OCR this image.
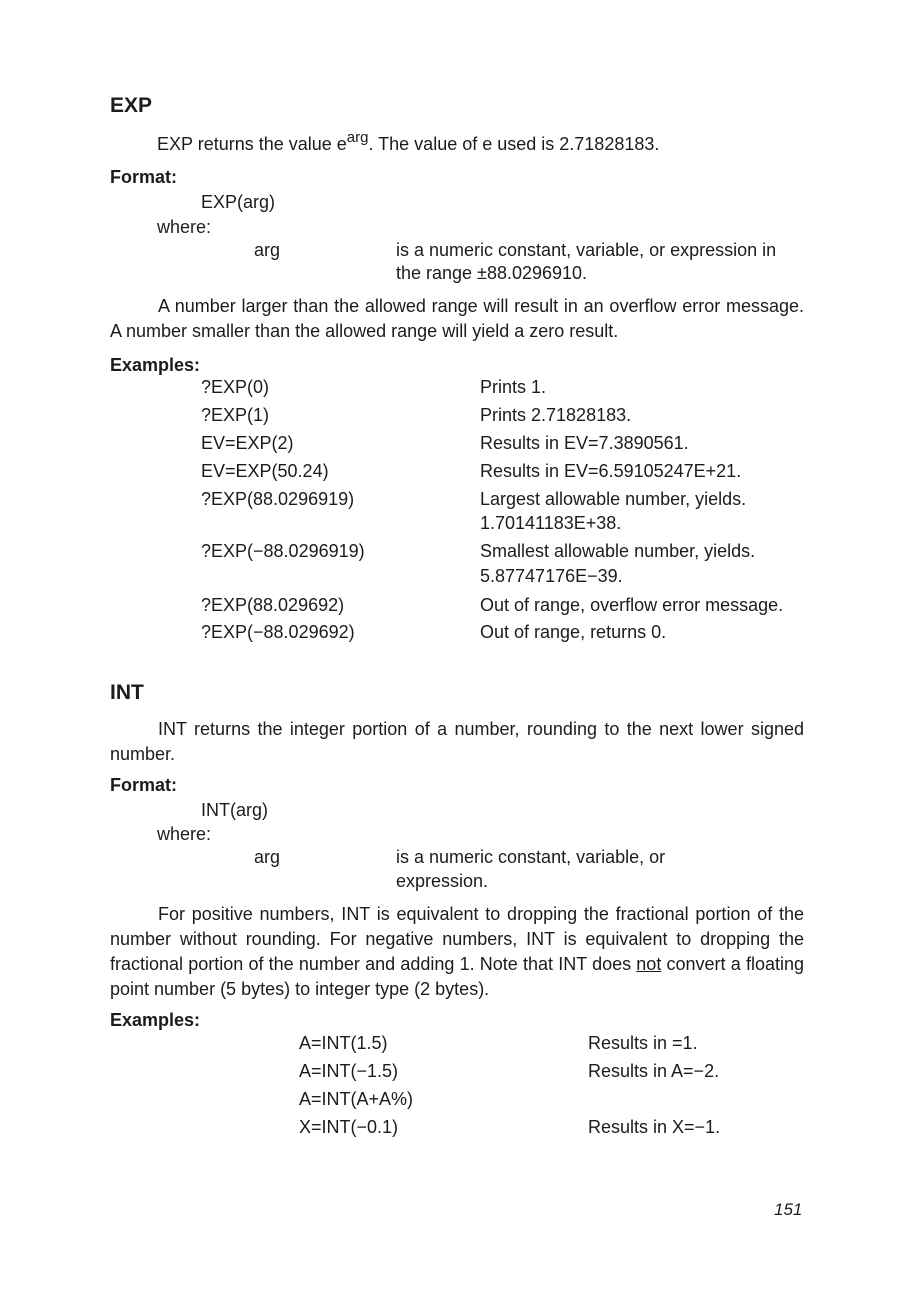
EXP
EXP returns the value $e^{arg}$. The value of e used is 2.71828183.
Format:
EXP(arg)
where:
arg	is a numeric constant, variable, or expression in
the range ±88.0296910.
A number larger than the allowed range will result in an overflow error message. A number smaller than the allowed range will yield a zero result.
Examples:
?EXP(0)	Prints 1.
?EXP(1)	Prints 2.71828183.
EV=EXP(2)	Results in EV=7.3890561.
EV=EXP(50.24)	Results in EV=6.59105247E+21.
?EXP(88.0296919)	Largest allowable number, yields.
1.70141183E+38.
?EXP(−88.0296919)	Smallest allowable number, yields.
5.87747176E−39.
?EXP(88.029692)	Out of range, overflow error message.
?EXP(−88.029692)	Out of range, returns 0.
INT
INT returns the integer portion of a number, rounding to the next lower signed number.
Format:
INT(arg)
where:
arg	is a numeric constant, variable, or
expression.
For positive numbers, INT is equivalent to dropping the fractional portion of the number without rounding. For negative numbers, INT is equivalent to dropping the fractional portion of the number and adding 1. Note that INT does not convert a floating point number (5 bytes) to integer type (2 bytes).
Examples:
A=INT(1.5)	Results in =1.
A=INT(−1.5)	Results in A=−2.
A=INT(A+A%)
X=INT(−0.1)	Results in X=−1.
151
